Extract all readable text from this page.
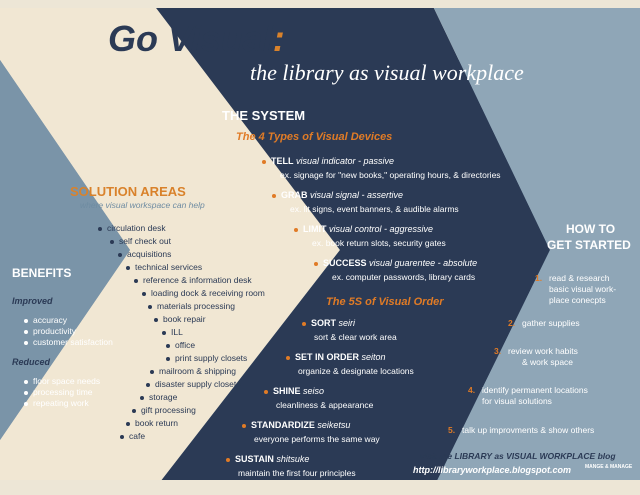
Go Visual:
the library as visual workplace
THE SYSTEM
The 4 Types of Visual Devices
TELL visual indicator - passive
ex. signage for "new books," operating hours, & directories
GRAB visual signal - assertive
ex. lit signs, event banners, & audible alarms
LIMIT visual control - aggressive
ex. book return slots, security gates
SUCCESS visual guarentee - absolute
ex. computer passwords, library cards
The 5S of Visual Order
SORT seiri
sort & clear work area
SET IN ORDER seiton
organize & designate locations
SHINE seiso
cleanliness & appearance
STANDARDIZE seiketsu
everyone performs the same way
SUSTAIN shitsuke
maintain the first four principles
SOLUTION AREAS
where visual workspace can help
circulation desk
self check out
acquisitions
technical services
reference & information desk
loading dock & receiving room
materials processing
book repair
ILL
office
print supply closets
mailroom & shipping
disaster supply closets
storage
gift processing
book return
cafe
BENEFITS
Improved
accuracy
productivity
customer satisfaction
Reduced
floor space needs
processing time
repeating work
HOW TO
GET STARTED
1. read & research
basic visual work-
place conecpts
2. gather supplies
3. review work habits
& work space
4. identify permanent locations
for visual solutions
5. talk up improvments & show others
visit the LIBRARY as VISUAL WORKPLACE blog
http://libraryworkplace.blogspot.com	MANGE & MANAGE
